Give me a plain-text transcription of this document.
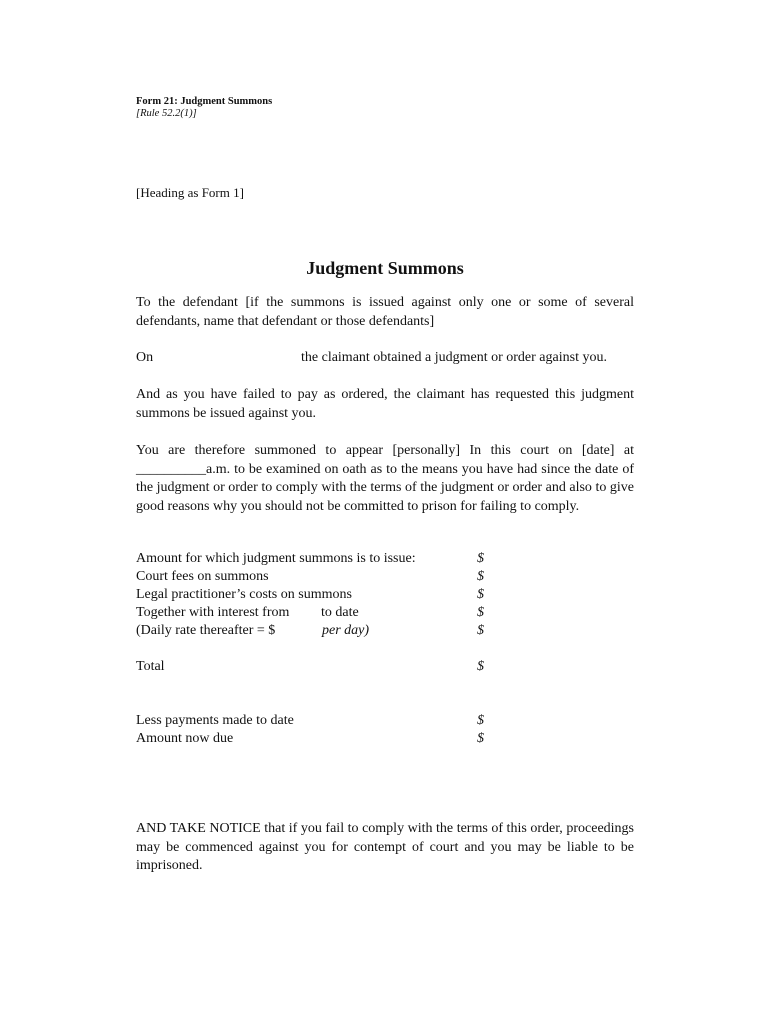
Form 21: Judgment Summons
[Rule 52.2(1)]
[Heading as Form 1]
Judgment Summons
To the defendant [if the summons is issued against only one or some of several defendants, name that defendant or those defendants]
On	the claimant obtained a judgment or order against you.
And as you have failed to pay as ordered, the claimant has requested this judgment summons be issued against you.
You are therefore summoned to appear [personally] In this court on [date] at __________a.m. to be examined on oath as to the means you have had since the date of the judgment or order to comply with the terms of the judgment or order and also to give good reasons why you should not be committed to prison for failing to comply.
Amount for which judgment summons is to issue:	$
Court fees on summons	$
Legal practitioner’s costs on summons	$
Together with interest from to date	$
(Daily rate thereafter = $	per day)	$
Total	$
Less payments made to date	$
Amount now due	$
AND TAKE NOTICE that if you fail to comply with the terms of this order, proceedings may be commenced against you for contempt of court and you may be liable to be imprisoned.
